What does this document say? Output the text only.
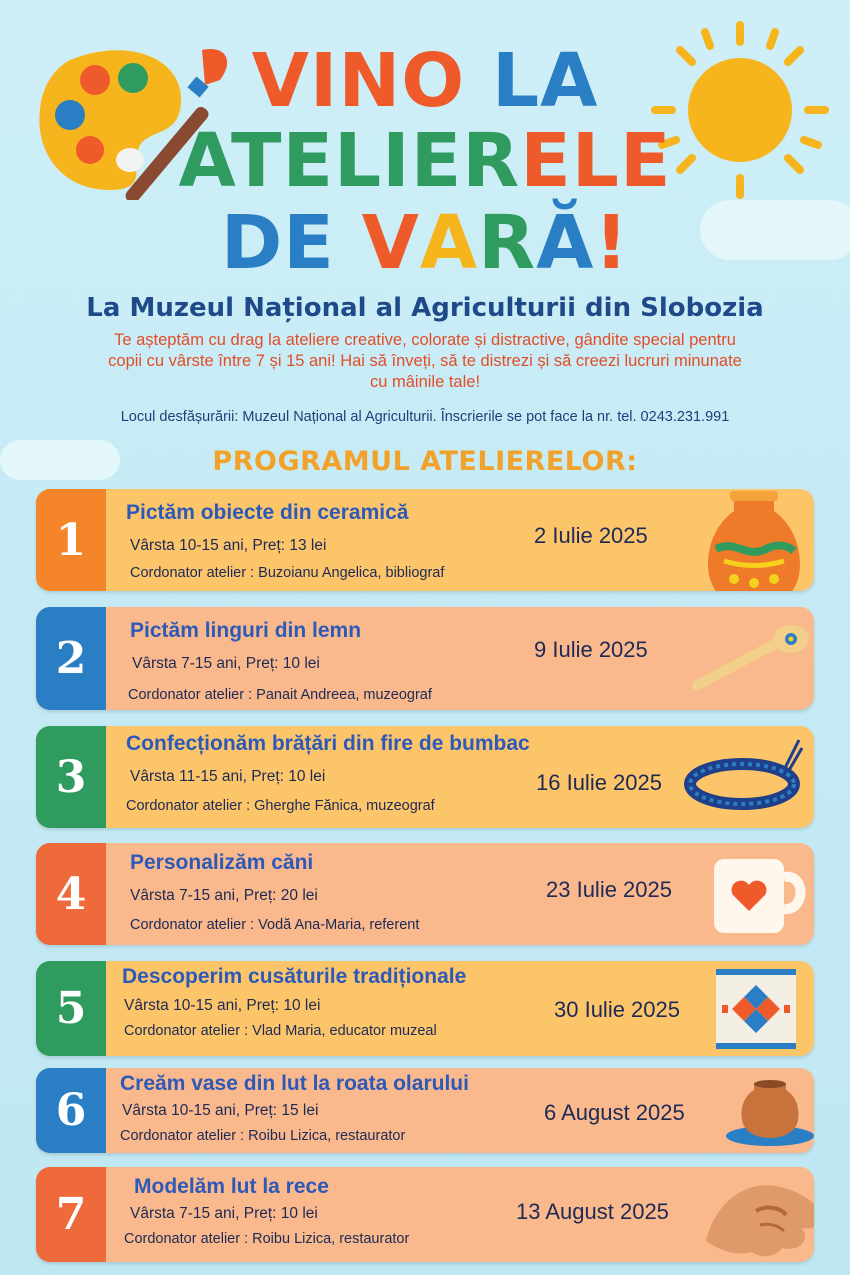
VINO LA
ATELIERELE
DE VARĂ!
La Muzeul Național al Agriculturii din Slobozia
Te așteptăm cu drag la ateliere creative, colorate și distractive, gândite special pentru copii cu vârste între 7 și 15 ani! Hai să înveți, să te distrezi și să creezi lucruri minunate cu mâinile tale!
Locul desfășurării: Muzeul Național al Agriculturii. Înscrierile se pot face la nr. tel. 0243.231.991
PROGRAMUL ATELIERELOR:
1
Pictăm obiecte din ceramică
Vârsta 10-15 ani, Preț: 13 lei
Cordonator atelier : Buzoianu Angelica, bibliograf
2 Iulie 2025
2
Pictăm linguri din lemn
Vârsta 7-15 ani, Preț: 10 lei
Cordonator atelier : Panait Andreea, muzeograf
9 Iulie 2025
3
Confecționăm brățări din fire de bumbac
Vârsta 11-15 ani, Preț: 10 lei
Cordonator atelier : Gherghe Fănica, muzeograf
16 Iulie 2025
4
Personalizăm căni
Vârsta 7-15 ani, Preț: 20 lei
Cordonator atelier : Vodă Ana-Maria, referent
23 Iulie 2025
5
Descoperim cusăturile tradiționale
Vârsta 10-15 ani, Preț: 10 lei
Cordonator atelier : Vlad Maria, educator muzeal
30 Iulie 2025
6
Creăm vase din lut la roata olarului
Vârsta 10-15 ani, Preț: 15 lei
Cordonator atelier : Roibu Lizica, restaurator
6 August 2025
7
Modelăm lut la rece
Vârsta 7-15 ani, Preț: 10 lei
Cordonator atelier : Roibu Lizica, restaurator
13 August 2025
